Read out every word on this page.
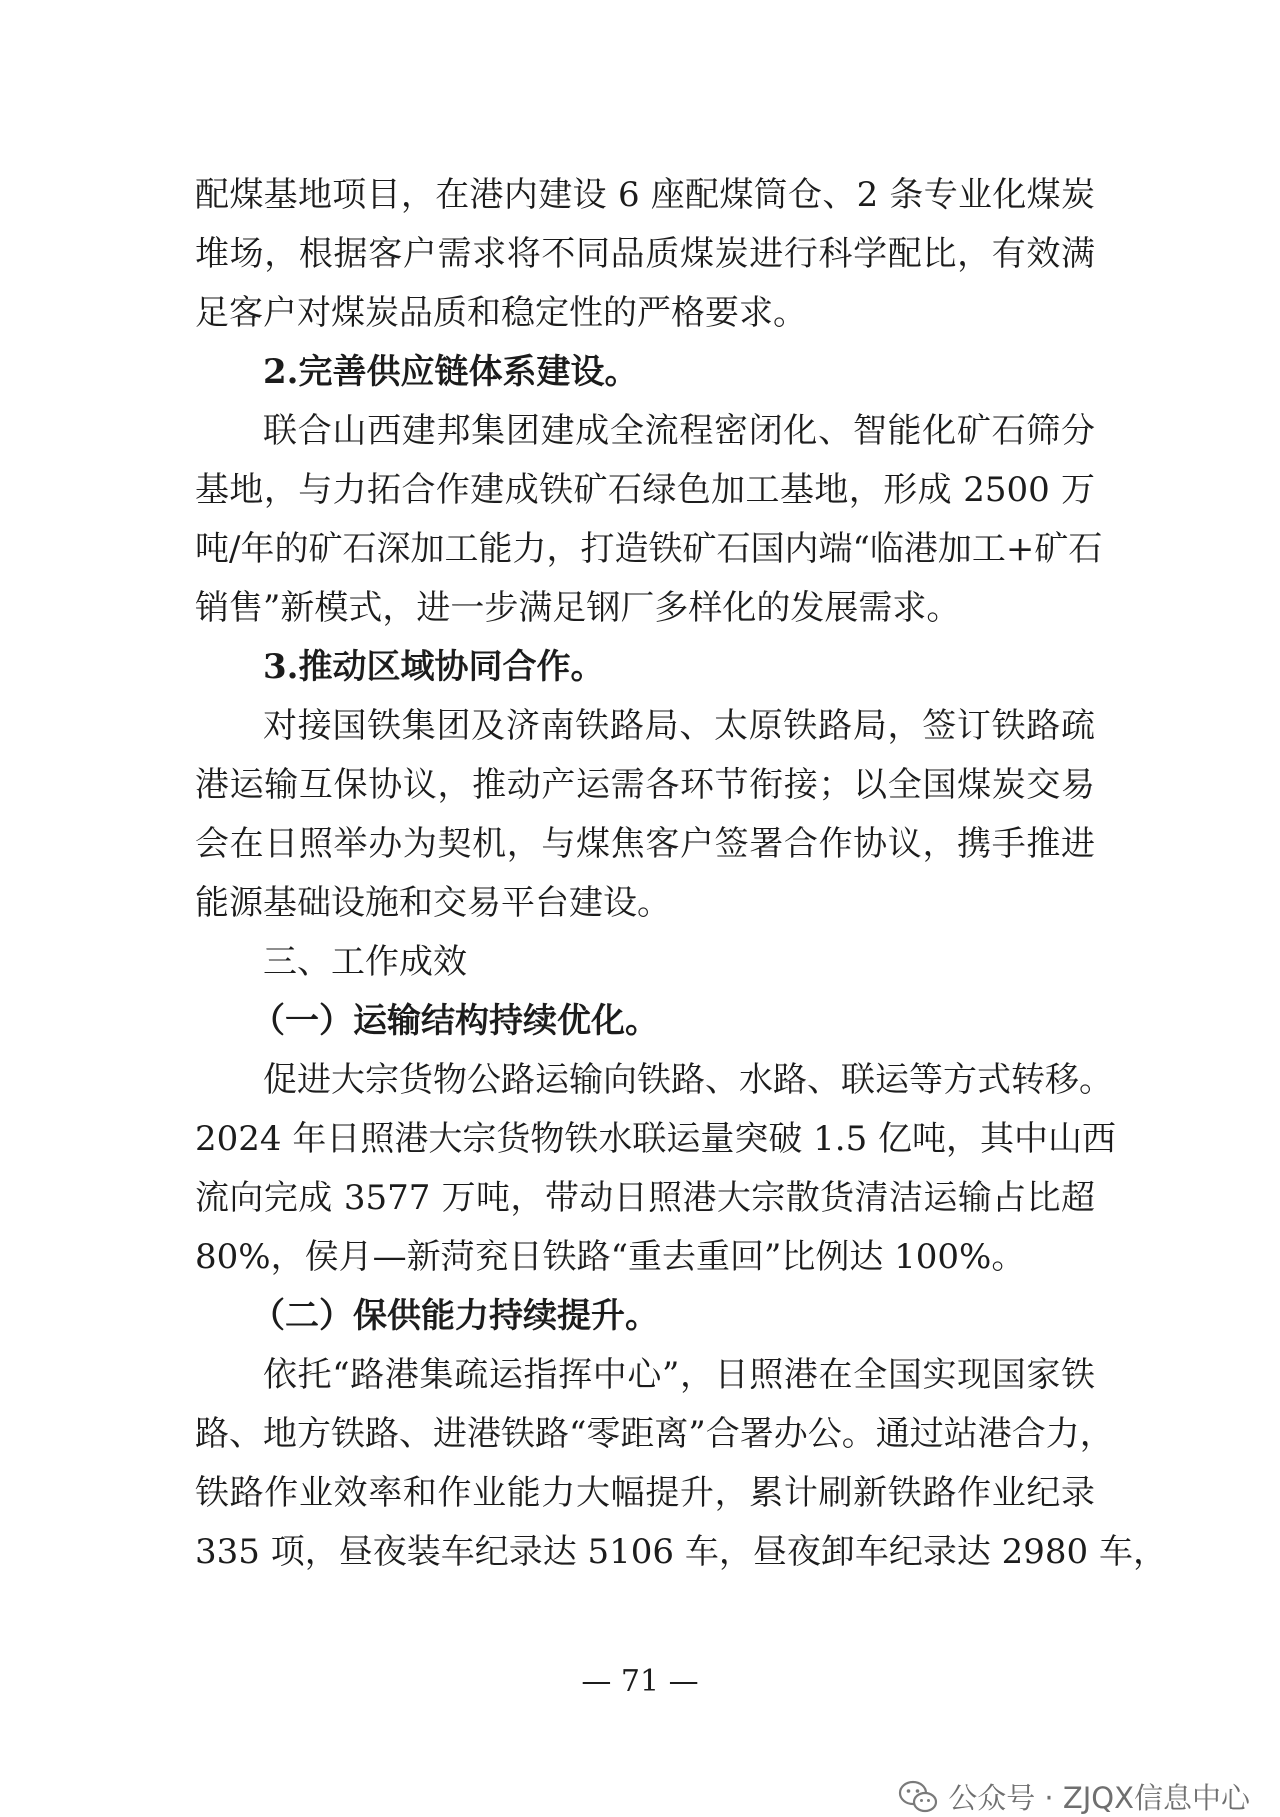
配煤基地项目，在港内建设 6 座配煤筒仓、2 条专业化煤炭

堆场，根据客户需求将不同品质煤炭进行科学配比，有效满

足客户对煤炭品质和稳定性的严格要求。

2.完善供应链体系建设。

联合山西建邦集团建成全流程密闭化、智能化矿石筛分

基地，与力拓合作建成铁矿石绿色加工基地，形成 2500 万

吨/年的矿石深加工能力，打造铁矿石国内端“临港加工+矿石

销售”新模式，进一步满足钢厂多样化的发展需求。

3.推动区域协同合作。

对接国铁集团及济南铁路局、太原铁路局，签订铁路疏

港运输互保协议，推动产运需各环节衔接；以全国煤炭交易

会在日照举办为契机，与煤焦客户签署合作协议，携手推进

能源基础设施和交易平台建设。

三、工作成效

（一）运输结构持续优化。

促进大宗货物公路运输向铁路、水路、联运等方式转移。

2024 年日照港大宗货物铁水联运量突破 1.5 亿吨，其中山西

流向完成 3577 万吨，带动日照港大宗散货清洁运输占比超

80%，侯月—新菏兖日铁路“重去重回”比例达 100%。

（二）保供能力持续提升。

依托“路港集疏运指挥中心”，日照港在全国实现国家铁

路、地方铁路、进港铁路“零距离”合署办公。通过站港合力，

铁路作业效率和作业能力大幅提升，累计刷新铁路作业纪录

335 项，昼夜装车纪录达 5106 车，昼夜卸车纪录达 2980 车，

— 71 —

公众号 · ZJQX信息中心
